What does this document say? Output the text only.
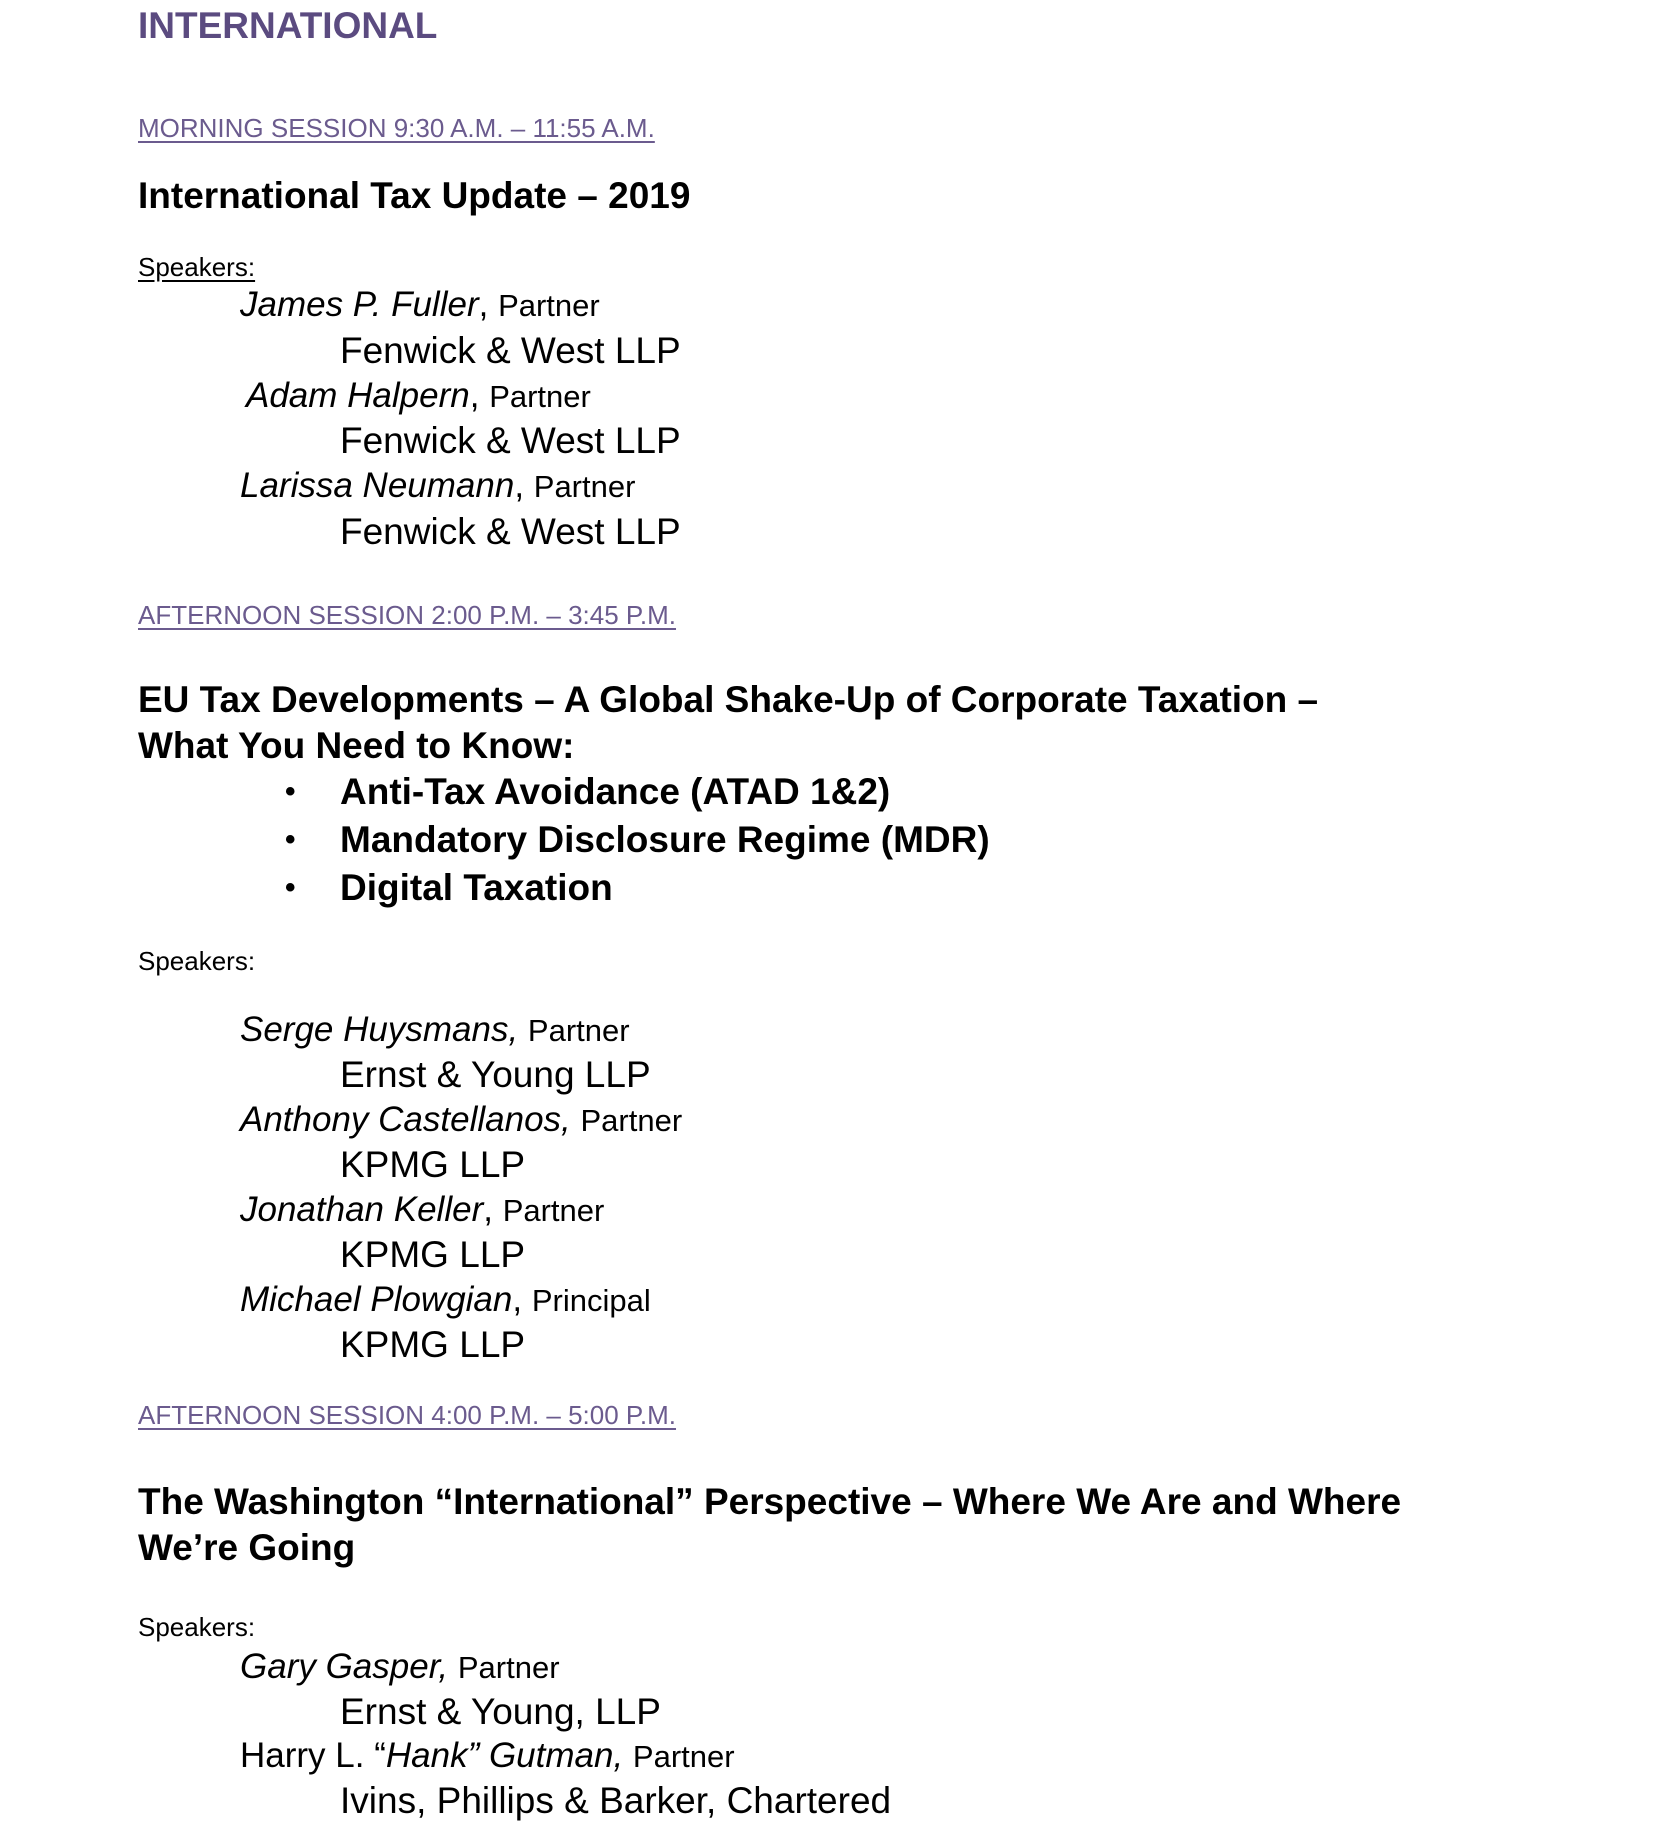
INTERNATIONAL
MORNING SESSION 9:30 A.M. – 11:55 A.M.
International Tax Update – 2019
Speakers:
James P. Fuller, Partner
Fenwick & West LLP
Adam Halpern, Partner
Fenwick & West LLP
Larissa Neumann, Partner
Fenwick & West LLP
AFTERNOON SESSION 2:00 P.M. – 3:45 P.M.
EU Tax Developments – A Global Shake-Up of Corporate Taxation –
What You Need to Know:
• Anti-Tax Avoidance (ATAD 1&2)
• Mandatory Disclosure Regime (MDR)
• Digital Taxation
Speakers:
Serge Huysmans, Partner
Ernst & Young LLP
Anthony Castellanos, Partner
KPMG LLP
Jonathan Keller, Partner
KPMG LLP
Michael Plowgian, Principal
KPMG LLP
AFTERNOON SESSION 4:00 P.M. – 5:00 P.M.
The Washington “International” Perspective – Where We Are and Where
We’re Going
Speakers:
Gary Gasper, Partner
Ernst & Young, LLP
Harry L. “Hank” Gutman, Partner
Ivins, Phillips & Barker, Chartered
